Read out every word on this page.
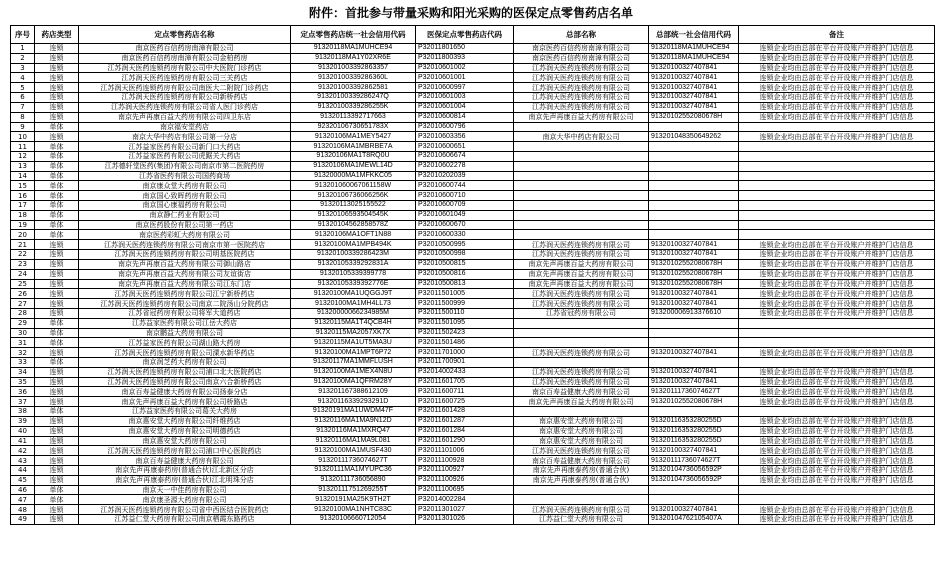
附件：首批参与带量采购和阳光采购的医保定点零售药店名单
序号	药店类型	定点零售药店名称	定点零售药店统一社会信用代码	医保定点零售药店代码	总部名称	总部统一社会信用代码	备注
1	连锁	南京医药百信药房南漳有限公司	91320118MA1MUHCE94	P32011801650	南京医药百信药房南漳有限公司	91320118MA1MUHCE94	连锁企业均由总部在平台开设账户并维护门店信息
2	连锁	南京医药百信药房南漳有限公司金柏药房	91320118MA1Y02XR6E	P32011800393	南京医药百信药房南漳有限公司	91320118MA1MUHCE94	连锁企业均由总部在平台开设账户并维护门店信息
3	连锁	江苏润天医药连锁药房有限公司中大医院门诊药店	913201003392863357	P32010601002	江苏润天医药连锁药房有限公司	91320100327407841	连锁企业均由总部在平台开设账户并维护门店信息
4	连锁	江苏润天医药连锁药房有限公司三关药店	91320100339286360L	P32010601001	江苏润天医药连锁药房有限公司	91320100327407841	连锁企业均由总部在平台开设账户并维护门店信息
5	连锁	江苏润天医药连锁药房有限公司南医大二附院门诊药店	913201003392862581	P32010600997	江苏润天医药连锁药房有限公司	91320100327407841	连锁企业均由总部在平台开设账户并维护门店信息
6	连锁	江苏润天医药连锁药房有限公司新桥药店	91320100339286247Q	P32010601003	江苏润天医药连锁药房有限公司	91320100327407841	连锁企业均由总部在平台开设账户并维护门店信息
7	连锁	江苏润天医药连锁药房有限公司省人医门诊药店	91320100339286255K	P32010601004	江苏润天医药连锁药房有限公司	91320100327407841	连锁企业均由总部在平台开设账户并维护门店信息
8	连锁	南京先声再康百益大药房有限公司四卫东店	91320113392717663	P32010600814	南京先声再康百益大药房有限公司	91320102552080678H	连锁企业均由总部在平台开设账户并维护门店信息
9	单体	南京福安堂药店	92320106730651783X	P32010600796			
10	连锁	南京大华中药店有限公司第一分店	91320106MA1MEY5427	P32010603356	南京大华中药店有限公司	913201048350649262	连锁企业均由总部在平台开设账户并维护门店信息
11	单体	江苏益家医药有限公司新门口大药店	91320106MA1MBRBE7A	P32010600651			
12	单体	江苏益家医药有限公司虎踞关大药店	91320106MA1T8RQ0U	P32010606674			
13	单体	江苏德轩堂医药(集团)有限公司南京市第二医院药房	91320106MA1MEWL14D	P32010602278			
14	单体	江苏省医药有限公司国药商场	91320000MA1MFKKC05	P32010202039			
15	单体	南京康众堂大药房有限公司	913201060067061158W	P32010600744			
16	单体	南京国心致晖药房有限公司	91320106736066256K	P32010600710			
17	单体	南京国心康福药房有限公司	91320113025155522	P32010600709			
18	单体	南京静仁药业有限公司	91320106593504545K	P32010601049			
19	单体	南京医药股份有限公司第一药店	91320104562858578Z	P32010600670			
20	单体	南京医药彩虹大药房有限公司	91320106MA1OFT1N88	P32010600330			
21	连锁	江苏润天医药连锁药房有限公司南京市第一医院药店	91320100MA1MPB494K	P32010500995	江苏润天医药连锁药房有限公司	91320100327407841	连锁企业均由总部在平台开设账户并维护门店信息
22	连锁	江苏润天医药连锁药房有限公司明基医院药店	91320100339286423M	P32010500998	江苏润天医药连锁药房有限公司	91320100327407841	连锁企业均由总部在平台开设账户并维护门店信息
23	连锁	南京先声再康百益大药房有限公司御山路店	91320105339292831A	P32010500815	南京先声再康百益大药房有限公司	91320102552080678H	连锁企业均由总部在平台开设账户并维护门店信息
24	连锁	南京先声再康百益大药房有限公司友谊街店	91320105339399778	P32010500816	南京先声再康百益大药房有限公司	91320102552080678H	连锁企业均由总部在平台开设账户并维护门店信息
25	连锁	南京先声再康百益大药房有限公司江东门店	91320105339392776E	P32010500813	南京先声再康百益大药房有限公司	91320102552080678H	连锁企业均由总部在平台开设账户并维护门店信息
26	连锁	江苏润天医药连锁药房有限公司江宁新桥药店	91320100MA1UQGGJ9T	P32011501005	江苏润天医药连锁药房有限公司	91320100327407841	连锁企业均由总部在平台开设账户并维护门店信息
27	连锁	江苏润天医药连锁药房有限公司南京二院汤山分院药店	91320100MA1MH4LL73	P32011500999	江苏润天医药连锁药房有限公司	91320100327407841	连锁企业均由总部在平台开设账户并维护门店信息
28	连锁	江苏省冠药房有限公司将军大道药店	91320000066234985M	P32011500110	江苏省冠药房有限公司	913200006913376610	连锁企业均由总部在平台开设账户并维护门店信息
29	单体	江苏益家医药有限公司江岳大药店	91320115MA1T4QCB4H	P32011501095			
30	单体	南京鹏益大药房有限公司	91320115MA2057XK7X	P32011502423			
31	单体	江苏益家医药有限公司湖山路大药房	91320115MA1UT5MA3U	P32011501486			
32	连锁	江苏润天医药连锁药房有限公司溧水新华药店	91320100MA1MPT6P72	P32011701000	江苏润天医药连锁药房有限公司	91320100327407841	连锁企业均由总部在平台开设账户并维护门店信息
33	单体	南京润芝药大药房有限公司	91320117MA1MMFLUSH	P32011700901			
34	连锁	江苏润天医药连锁药房有限公司浦口北大医院药店	91320100MA1MEX4N8U	P32014002433	江苏润天医药连锁药房有限公司	91320100327407841	连锁企业均由总部在平台开设账户并维护门店信息
35	连锁	江苏润天医药连锁药房有限公司南京六合新桥药店	91320100MA1QFRM28Y	P32011601705	江苏润天医药连锁药房有限公司	91320100327407841	连锁企业均由总部在平台开设账户并维护门店信息
36	连锁	南京百寿益健康大药房有限公司扬泰分店	913201167388612109	P32011600711	南京百寿益健康大药房有限公司	91320111736074627T	连锁企业均由总部在平台开设账户并维护门店信息
37	连锁	南京先声再康百益大药房有限公司桥路店	91320116339293291D	P32011600725	南京先声再康百益大药房有限公司	91320102552080678H	连锁企业均由总部在平台开设账户并维护门店信息
38	单体	江苏益家医药有限公司葛关大药房	91320191MA1UWDM47F	P32011601428			
39	连锁	南京惠安堂大药房有限公司纤维药店	91320116MA1MA9N12D	P32011601287	南京惠安堂大药房有限公司	91320116353280255D	连锁企业均由总部在平台开设账户并维护门店信息
40	连锁	南京惠安堂大药房有限公司明德药店	91320116MA1MXRQ47	P32011601284	南京惠安堂大药房有限公司	91320116353280255D	连锁企业均由总部在平台开设账户并维护门店信息
41	连锁	南京惠安堂大药房有限公司	91320116MA1MA9L081	P32011601290	南京惠安堂大药房有限公司	91320116353280255D	连锁企业均由总部在平台开设账户并维护门店信息
42	连锁	江苏润天医药连锁药房有限公司浦口中心医院药店	91320100MA1MUSF430	P32011101006	江苏润天医药连锁药房有限公司	91320100327407841	连锁企业均由总部在平台开设账户并维护门店信息
43	连锁	南京百寿益健康大药房有限公司	91320111736074627T	P32011100928	南京百寿益健康大药房有限公司	91320111736074627T	连锁企业均由总部在平台开设账户并维护门店信息
44	连锁	南京先声再康泰药房(普通合伙)江北新区分店	91320111MA1MYUPC36	P32011100927	南京先声再康泰药房(普通合伙)	91320104736056592P	连锁企业均由总部在平台开设账户并维护门店信息
45	连锁	南京先声再康泰药房(普通合伙)江北明珠分店	91320111736056890	P32011100926	南京先声再康泰药房(普通合伙)	91320104736056592P	连锁企业均由总部在平台开设账户并维护门店信息
46	单体	南京天一中佳药房有限公司	91320111751269255T	P32011100695			
47	单体	南京康圣源大药房有限公司	91320191MA25K9TH2T	P32014002284			
48	连锁	江苏润天医药连锁药房有限公司省中西医结合医院药店	91320100MA1NHTC83C	P32011301027	江苏润天医药连锁药房有限公司	91320100327407841	连锁企业均由总部在平台开设账户并维护门店信息
49	连锁	江苏益仁堂大药房有限公司南京栖霞东路药店	91320106660712054	P32011301026	江苏益仁堂大药房有限公司	91320104762105407A	连锁企业均由总部在平台开设账户并维护门店信息
